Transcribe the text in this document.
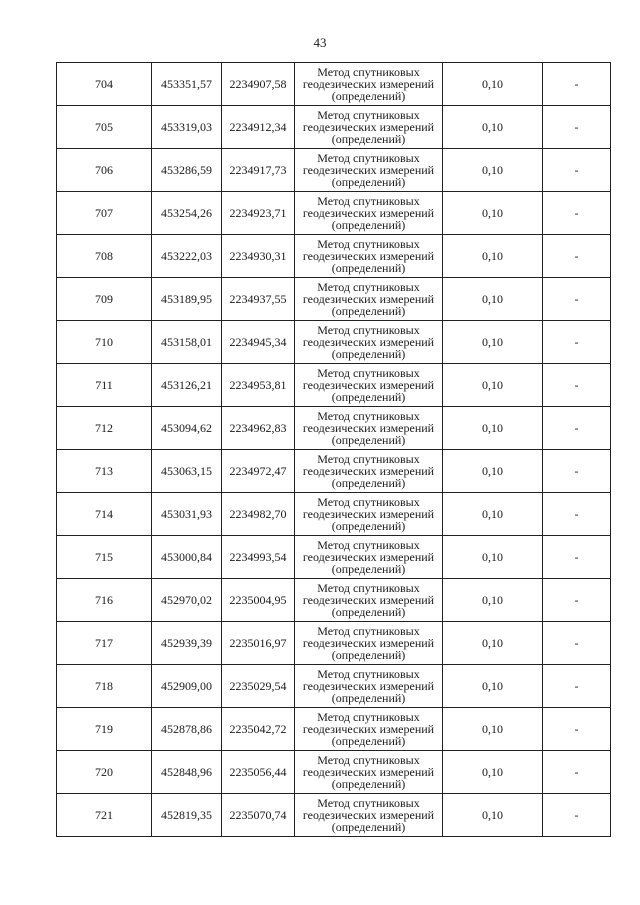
43
704	453351,57	2234907,58	Метод спутниковых
геодезических измерений
(определений)	0,10	-
705	453319,03	2234912,34	Метод спутниковых
геодезических измерений
(определений)	0,10	-
706	453286,59	2234917,73	Метод спутниковых
геодезических измерений
(определений)	0,10	-
707	453254,26	2234923,71	Метод спутниковых
геодезических измерений
(определений)	0,10	-
708	453222,03	2234930,31	Метод спутниковых
геодезических измерений
(определений)	0,10	-
709	453189,95	2234937,55	Метод спутниковых
геодезических измерений
(определений)	0,10	-
710	453158,01	2234945,34	Метод спутниковых
геодезических измерений
(определений)	0,10	-
711	453126,21	2234953,81	Метод спутниковых
геодезических измерений
(определений)	0,10	-
712	453094,62	2234962,83	Метод спутниковых
геодезических измерений
(определений)	0,10	-
713	453063,15	2234972,47	Метод спутниковых
геодезических измерений
(определений)	0,10	-
714	453031,93	2234982,70	Метод спутниковых
геодезических измерений
(определений)	0,10	-
715	453000,84	2234993,54	Метод спутниковых
геодезических измерений
(определений)	0,10	-
716	452970,02	2235004,95	Метод спутниковых
геодезических измерений
(определений)	0,10	-
717	452939,39	2235016,97	Метод спутниковых
геодезических измерений
(определений)	0,10	-
718	452909,00	2235029,54	Метод спутниковых
геодезических измерений
(определений)	0,10	-
719	452878,86	2235042,72	Метод спутниковых
геодезических измерений
(определений)	0,10	-
720	452848,96	2235056,44	Метод спутниковых
геодезических измерений
(определений)	0,10	-
721	452819,35	2235070,74	Метод спутниковых
геодезических измерений
(определений)	0,10	-
